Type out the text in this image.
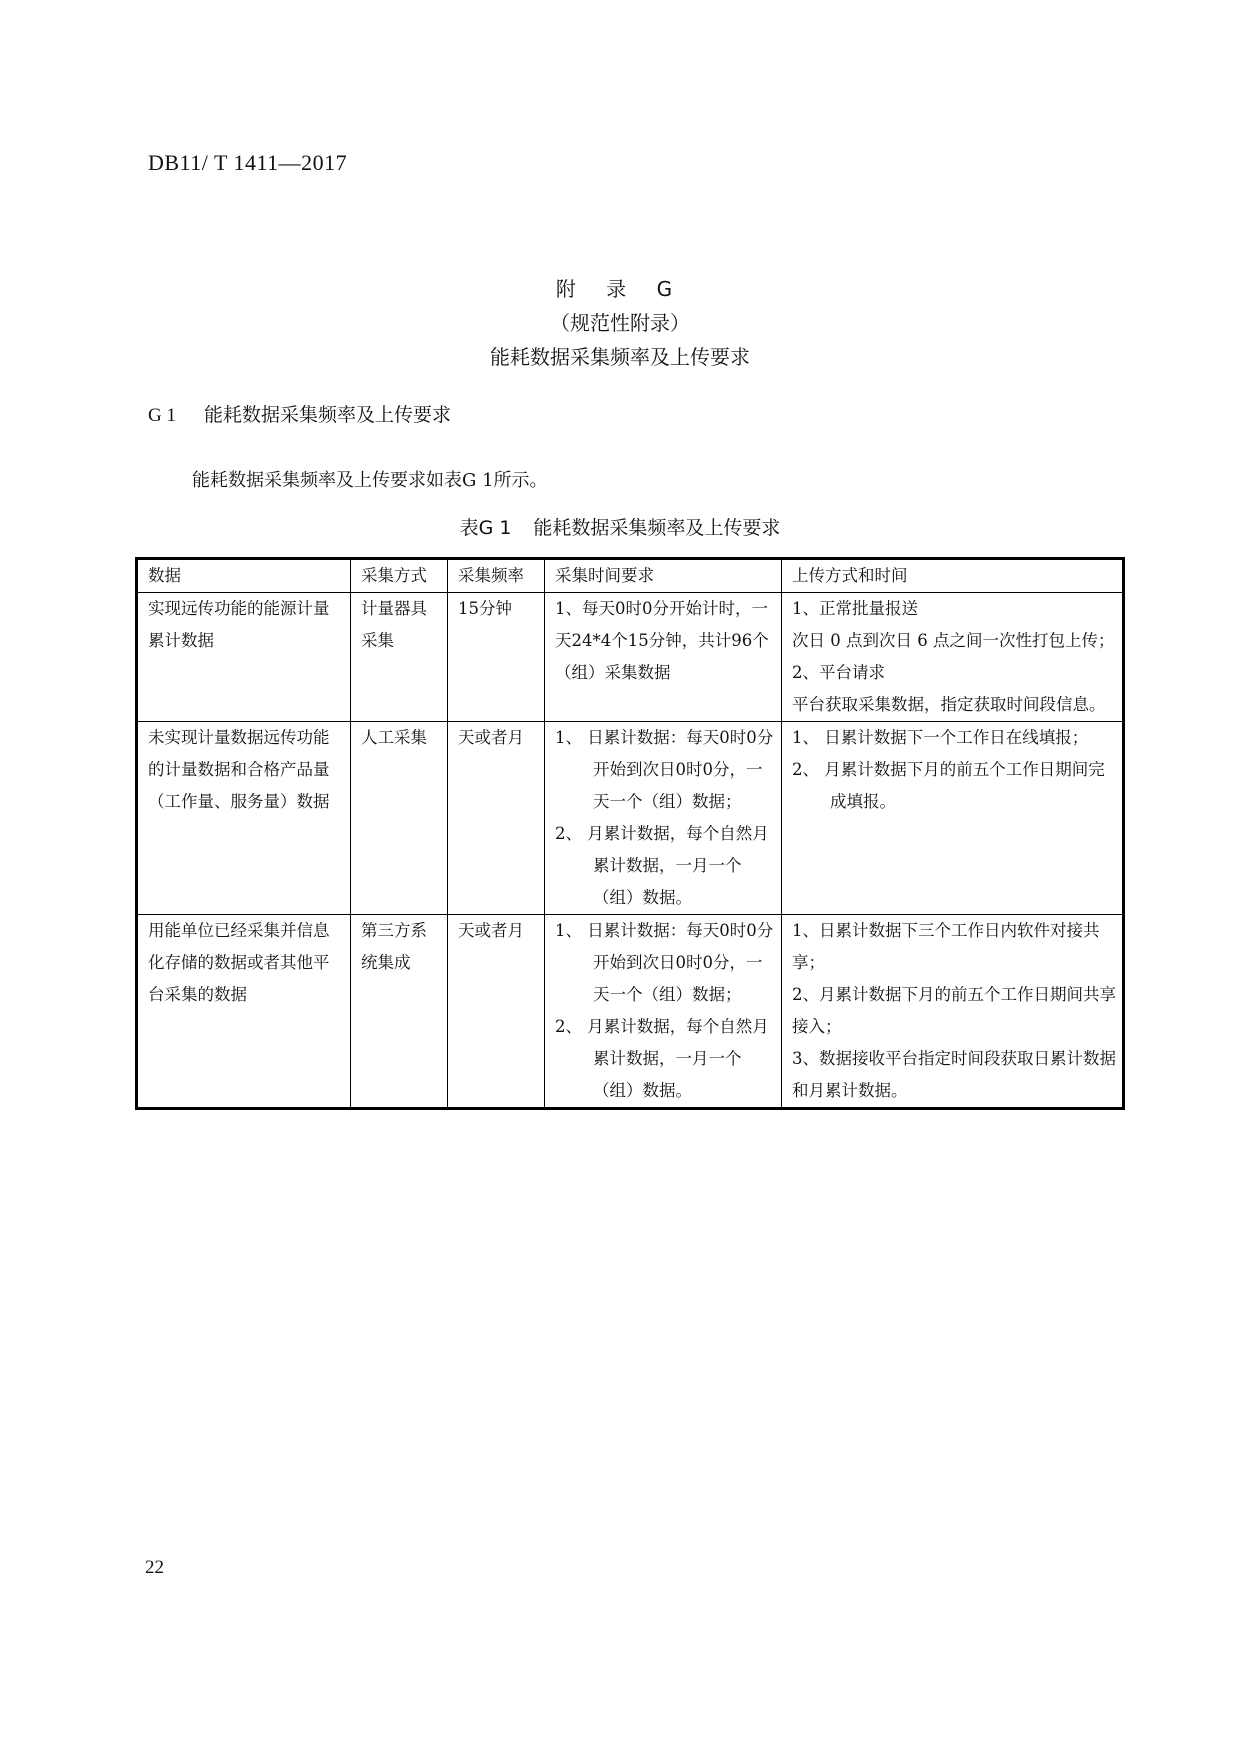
DB11/ T 1411—2017
附 录 G
（规范性附录）
能耗数据采集频率及上传要求
G 1 能耗数据采集频率及上传要求
能耗数据采集频率及上传要求如表G 1所示。
表G 1 能耗数据采集频率及上传要求
数据	采集方式	采集频率	采集时间要求	上传方式和时间
实现远传功能的能源计量累计数据	计量器具采集	15分钟	1、每天0时0分开始计时，一天24*4个15分钟，共计96个（组）采集数据	1、正常批量报送
次日 0 点到次日 6 点之间一次性打包上传；
2、平台请求
平台获取采集数据，指定获取时间段信息。

未实现计量数据远传功能的计量数据和合格产品量（工作量、服务量）数据	人工采集	天或者月	1、 日累计数据：每天0时0分开始到次日0时0分，一天一个（组）数据；
2、 月累计数据，每个自然月累计数据，一月一个（组）数据。	1、 日累计数据下一个工作日在线填报；
2、 月累计数据下月的前五个工作日期间完成填报。

用能单位已经采集并信息化存储的数据或者其他平台采集的数据	第三方系统集成	天或者月	1、 日累计数据：每天0时0分开始到次日0时0分，一天一个（组）数据；
2、 月累计数据，每个自然月累计数据，一月一个（组）数据。	1、日累计数据下三个工作日内软件对接共享；
2、月累计数据下月的前五个工作日期间共享接入；
3、数据接收平台指定时间段获取日累计数据和月累计数据。
22
